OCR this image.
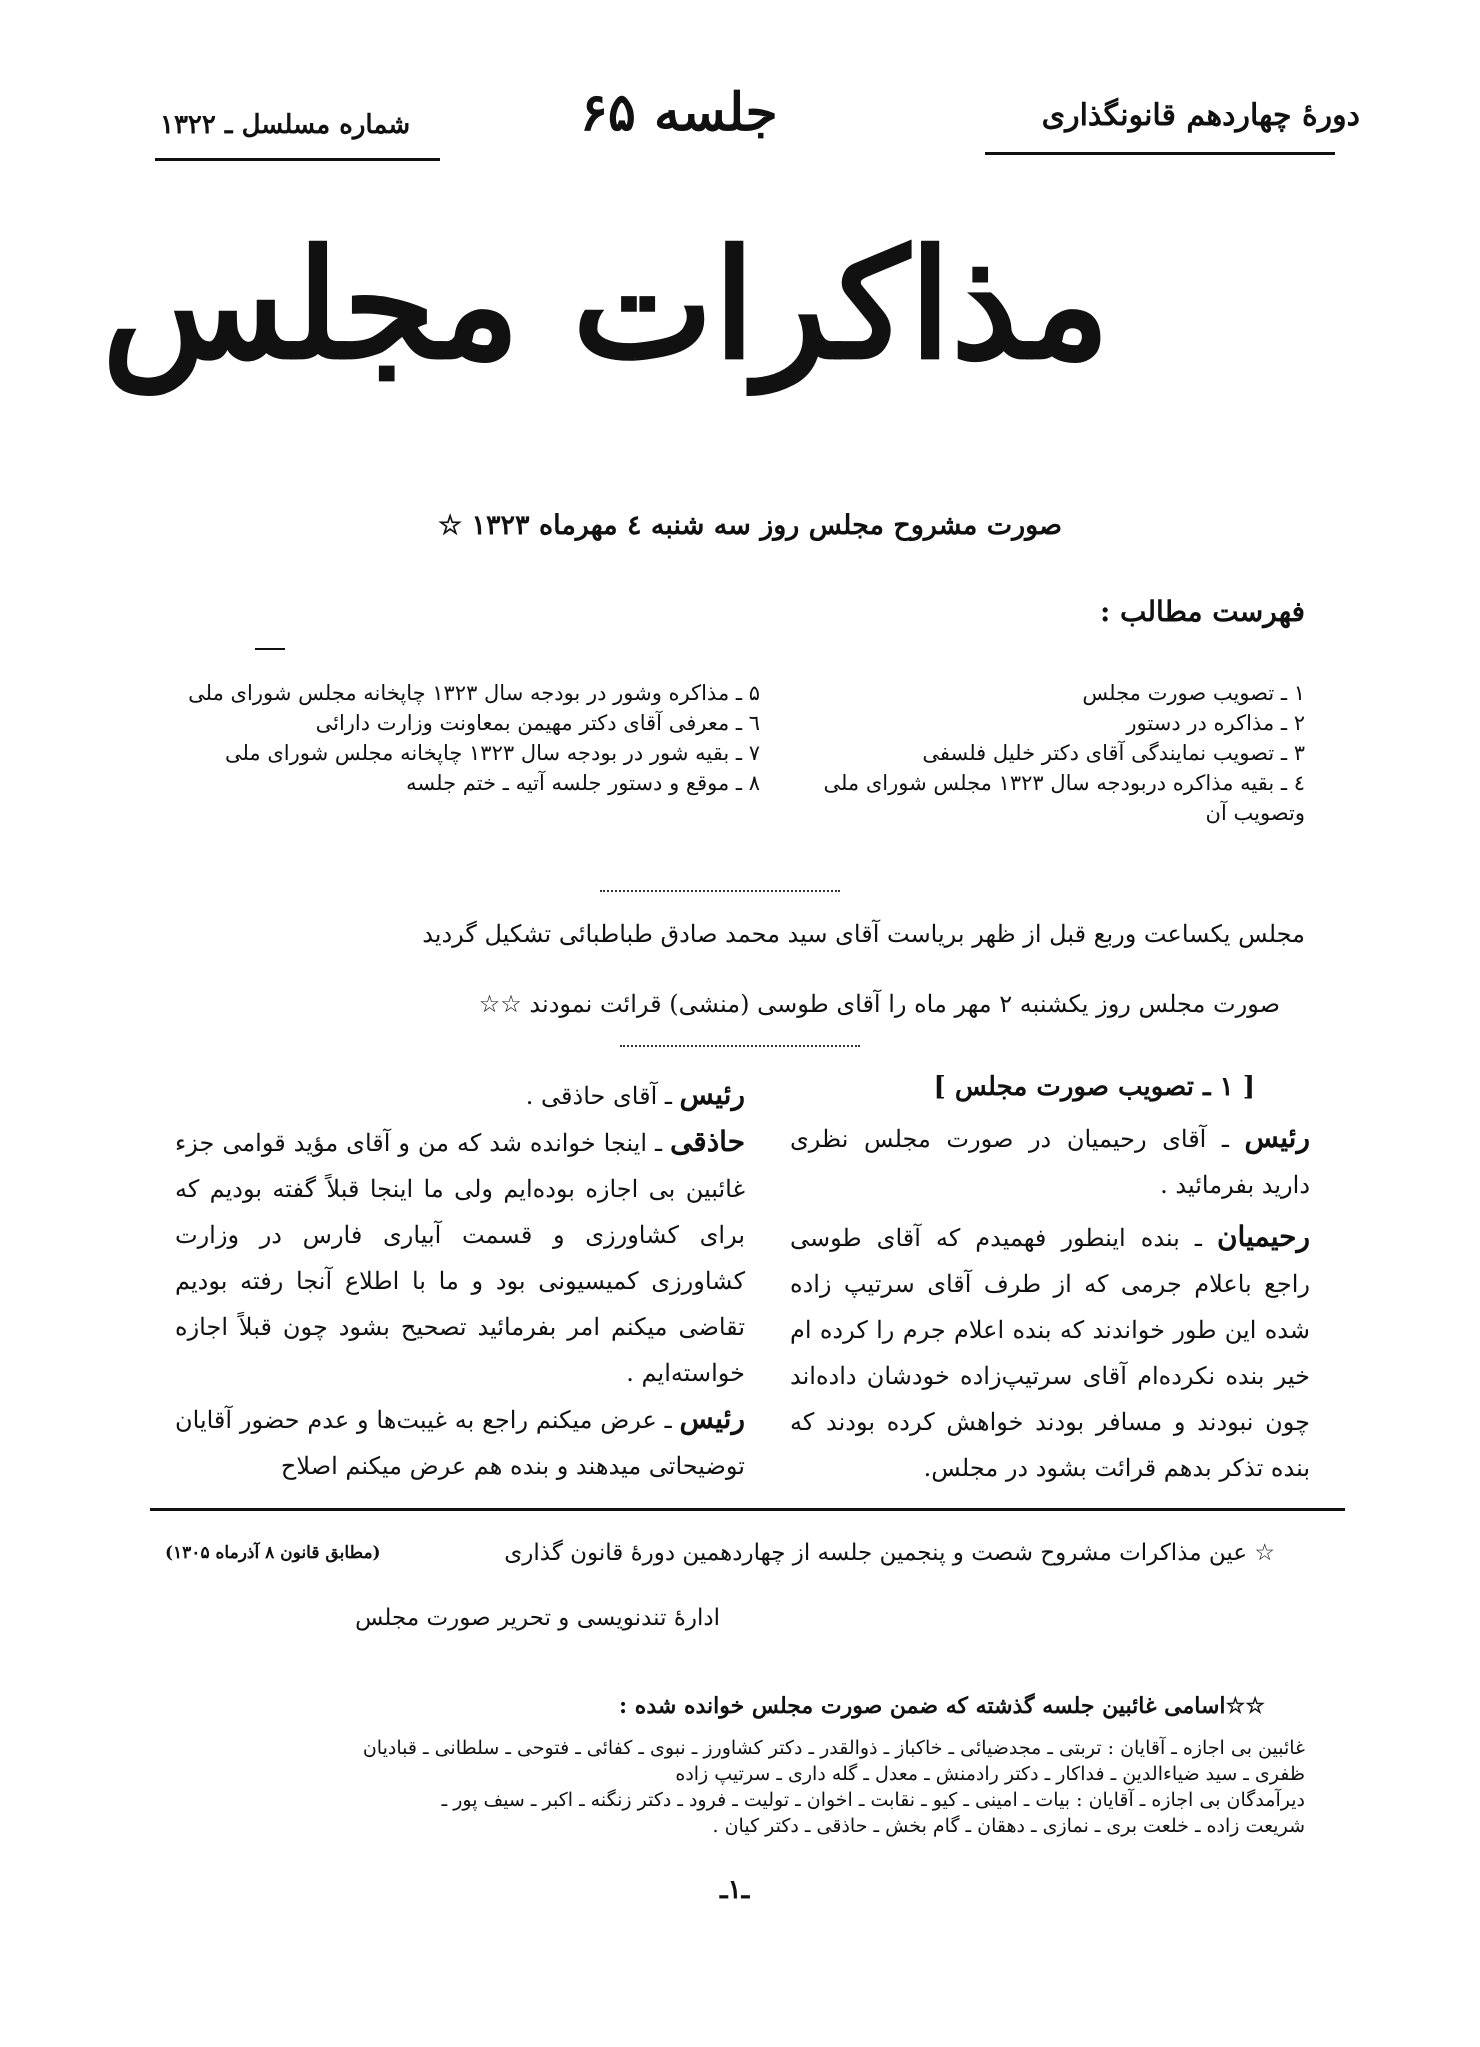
دورۀ چهاردهم قانونگذاری
جلسه ۶۵
شماره مسلسل ـ ۱۳۲۲
مذاکرات مجلس
صورت مشروح مجلس روز سه شنبه ٤ مهرماه ۱۳۲۳ ☆
فهرست مطالب :
۱ ـ تصویب صورت مجلس
۲ ـ مذاکره در دستور
۳ ـ تصویب نمایندگی آقای دکتر خلیل فلسفی
٤ ـ بقیه مذاکره دربودجه سال ۱۳۲۳ مجلس شورای ملی وتصویب آن
۵ ـ مذاکره وشور در بودجه سال ۱۳۲۳ چاپخانه مجلس شورای ملی
٦ ـ معرفی آقای دکتر مهیمن بمعاونت وزارت دارائی
۷ ـ بقیه شور در بودجه سال ۱۳۲۳ چاپخانه مجلس شورای ملی
۸ ـ موقع و دستور جلسه آتیه ـ ختم جلسه
مجلس یکساعت وربع قبل از ظهر بریاست آقای سید محمد صادق طباطبائی تشکیل گردید
صورت مجلس روز یکشنبه ۲ مهر ماه را آقای طوسی (منشی) قرائت نمودند ☆☆
[ ۱ ـ تصویب صورت مجلس ]

رئیس ـ آقای رحیمیان در صورت مجلس نظری دارید بفرمائید .

رحیمیان ـ بنده اینطور فهمیدم که آقای طوسی راجع باعلام جرمی که از طرف آقای سرتیپ زاده شده این طور خواندند که بنده اعلام جرم را کرده ام خیر بنده نکرده‌ام آقای سرتیپ‌زاده خودشان داده‌اند چون نبودند و مسافر بودند خواهش کرده بودند که بنده تذکر بدهم قرائت بشود در مجلس.

رئیس ـ آقای حاذقی .

حاذقی ـ اینجا خوانده شد که من و آقای مؤید قوامی جزء غائبین بی اجازه بوده‌ایم ولی ما اینجا قبلاً گفته بودیم که برای کشاورزی و قسمت آبیاری فارس در وزارت کشاورزی کمیسیونی بود و ما با اطلاع آنجا رفته بودیم تقاضی میکنم امر بفرمائید تصحیح بشود چون قبلاً اجازه خواسته‌ایم .

رئیس ـ عرض میکنم راجع به غیبت‌ها و عدم حضور آقایان توضیحاتی میدهند و بنده هم عرض میکنم اصلاح

☆ عین مذاکرات مشروح شصت و پنجمین جلسه از چهاردهمین دورۀ قانون گذاری
(مطابق قانون ۸ آذرماه ۱۳۰۵)
ادارۀ تندنویسی و تحریر صورت مجلس
☆☆اسامی غائبین جلسه گذشته که ضمن صورت مجلس خوانده شده :
غائبین بی اجازه ـ آقایان : تربتی ـ مجدضیائی ـ خاکباز ـ ذوالقدر ـ دکتر کشاورز ـ نبوی ـ کفائی ـ فتوحی ـ سلطانی ـ قبادیان
ظفری ـ سید ضیاءالدین ـ فداکار ـ دکتر رادمنش ـ معدل ـ گله داری ـ سرتیپ زاده
دیرآمدگان بی اجازه ـ آقایان : بیات ـ امینی ـ کیو ـ نقابت ـ اخوان ـ تولیت ـ فرود ـ دکتر زنگنه ـ اکبر ـ سیف پور ـ
شریعت زاده ـ خلعت بری ـ نمازی ـ دهقان ـ گام بخش ـ حاذقی ـ دکتر کیان .
ـ۱ـ
